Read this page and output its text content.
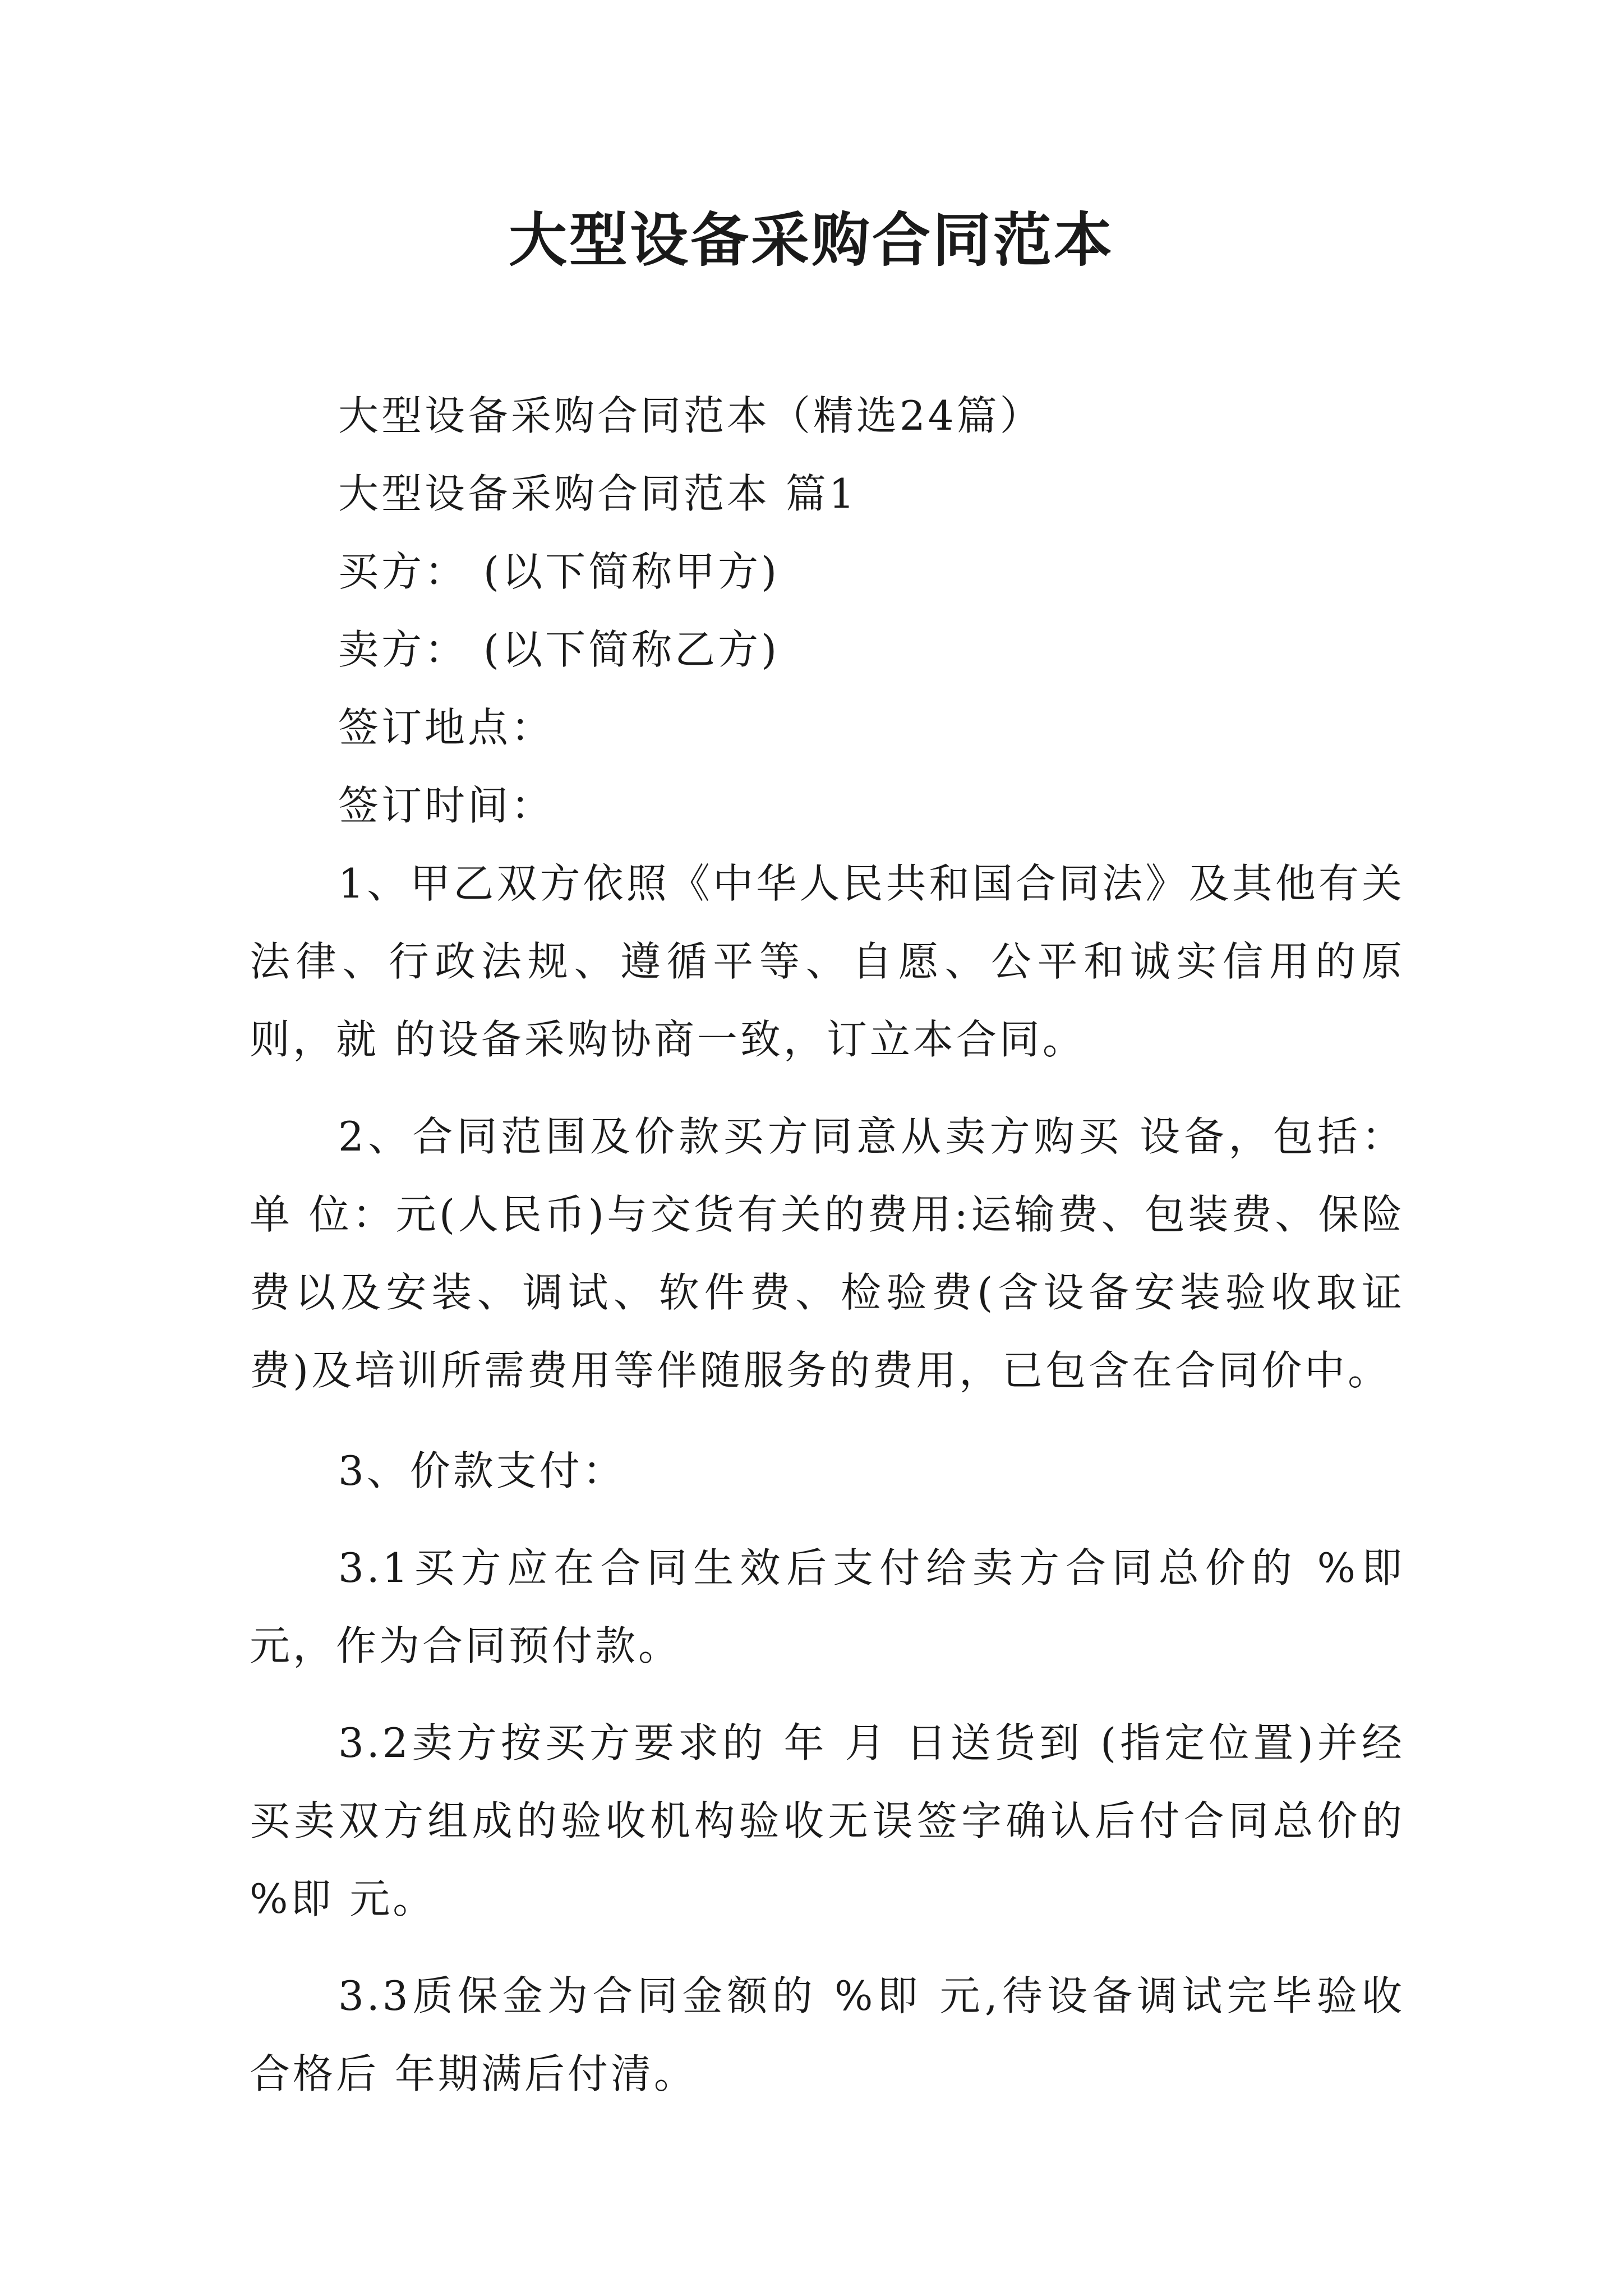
大型设备采购合同范本

大型设备采购合同范本（精选24篇）

大型设备采购合同范本 篇1

买方： (以下简称甲方)

卖方： (以下简称乙方)

签订地点：

签订时间：

1、甲乙双方依照《中华人民共和国合同法》及其他有关法律、行政法规、遵循平等、自愿、公平和诚实信用的原则，就 的设备采购协商一致，订立本合同。

2、合同范围及价款买方同意从卖方购买 设备，包括：单 位：元(人民币)与交货有关的费用:运输费、包装费、保险费以及安装、调试、软件费、检验费(含设备安装验收取证费)及培训所需费用等伴随服务的费用，已包含在合同价中。

3、价款支付：

3.1买方应在合同生效后支付给卖方合同总价的 %即 元，作为合同预付款。

3.2卖方按买方要求的 年 月 日送货到 (指定位置)并经买卖双方组成的验收机构验收无误签字确认后付合同总价的 %即 元。

3.3质保金为合同金额的 %即 元,待设备调试完毕验收合格后 年期满后付清。
